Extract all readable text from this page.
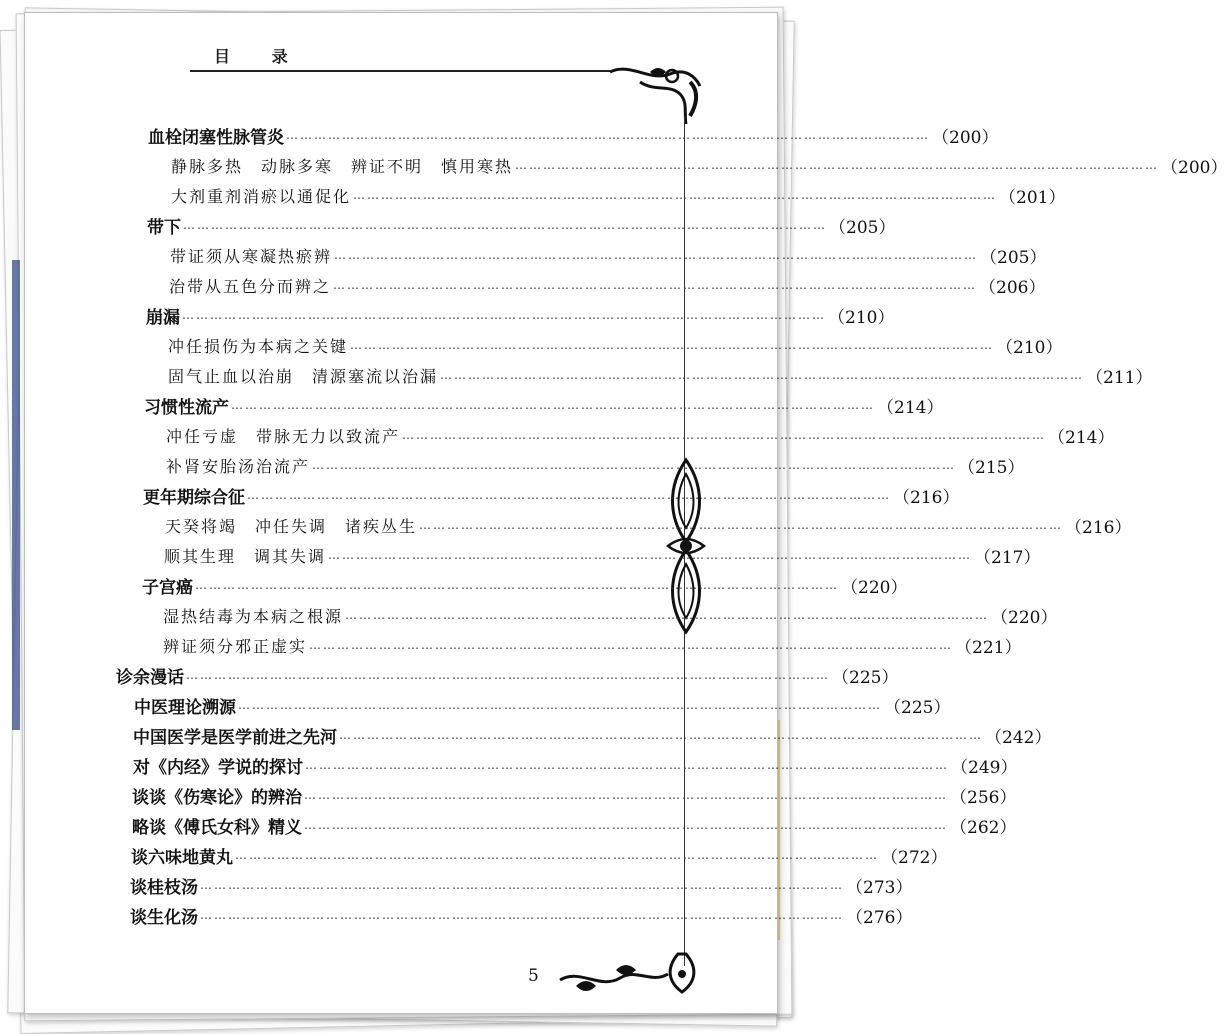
目 录
5
血栓闭塞性脉管炎 ………………………………………………………………………………………………………………………… （200）
静脉多热　动脉多寒　辨证不明　慎用寒热 ………………………………………………………………………………………………………………………… （200）
大剂重剂消瘀以通促化 ………………………………………………………………………………………………………………………… （201）
带下 ………………………………………………………………………………………………………………………… （205）
带证须从寒凝热瘀辨 ………………………………………………………………………………………………………………………… （205）
治带从五色分而辨之 ………………………………………………………………………………………………………………………… （206）
崩漏 ………………………………………………………………………………………………………………………… （210）
冲任损伤为本病之关键 ………………………………………………………………………………………………………………………… （210）
固气止血以治崩　清源塞流以治漏 ………………………………………………………………………………………………………………………… （211）
习惯性流产 ………………………………………………………………………………………………………………………… （214）
冲任亏虚　带脉无力以致流产 ………………………………………………………………………………………………………………………… （214）
补肾安胎汤治流产 ………………………………………………………………………………………………………………………… （215）
更年期综合征 ………………………………………………………………………………………………………………………… （216）
天癸将竭　冲任失调　诸疾丛生 ………………………………………………………………………………………………………………………… （216）
顺其生理　调其失调 ………………………………………………………………………………………………………………………… （217）
子宫癌 ………………………………………………………………………………………………………………………… （220）
湿热结毒为本病之根源 ………………………………………………………………………………………………………………………… （220）
辨证须分邪正虚实 ………………………………………………………………………………………………………………………… （221）
诊余漫话 ………………………………………………………………………………………………………………………… （225）
中医理论溯源 ………………………………………………………………………………………………………………………… （225）
中国医学是医学前进之先河 ………………………………………………………………………………………………………………………… （242）
对《内经》学说的探讨 ………………………………………………………………………………………………………………………… （249）
谈谈《伤寒论》的辨治 ………………………………………………………………………………………………………………………… （256）
略谈《傅氏女科》精义 ………………………………………………………………………………………………………………………… （262）
谈六味地黄丸 ………………………………………………………………………………………………………………………… （272）
谈桂枝汤 ………………………………………………………………………………………………………………………… （273）
谈生化汤 ………………………………………………………………………………………………………………………… （276）
